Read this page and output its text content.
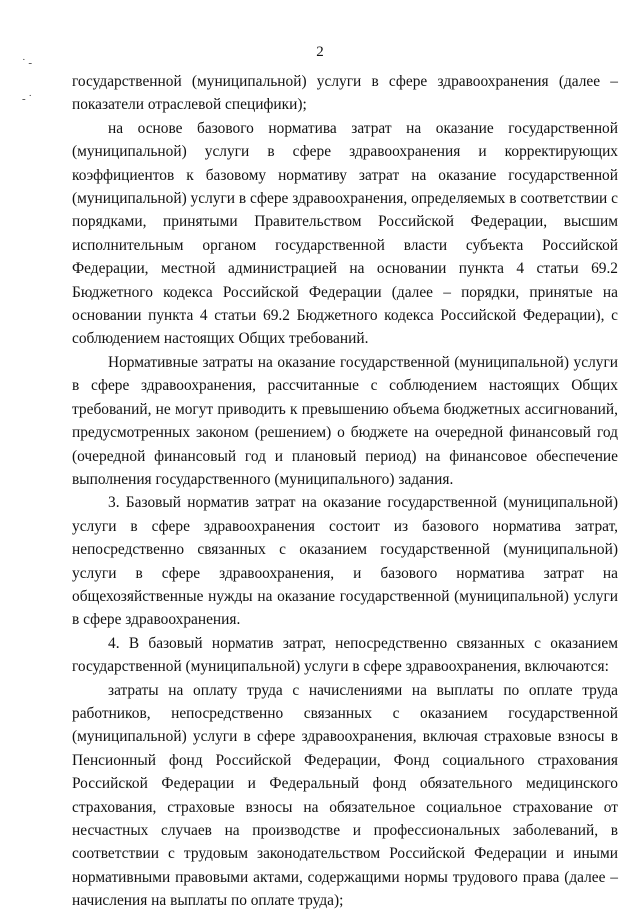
2
˙ -
- ˙

государственной (муниципальной) услуги в сфере здравоохранения (далее – показатели отраслевой специфики);

на основе базового норматива затрат на оказание государственной (муниципальной) услуги в сфере здравоохранения и корректирующих коэффициентов к базовому нормативу затрат на оказание государственной (муниципальной) услуги в сфере здравоохранения, определяемых в соответствии с порядками, принятыми Правительством Российской Федерации, высшим исполнительным органом государственной власти субъекта Российской Федерации, местной администрацией на основании пункта 4 статьи 69.2 Бюджетного кодекса Российской Федерации (далее – порядки, принятые на основании пункта 4 статьи 69.2 Бюджетного кодекса Российской Федерации), с соблюдением настоящих Общих требований.

Нормативные затраты на оказание государственной (муниципальной) услуги в сфере здравоохранения, рассчитанные с соблюдением настоящих Общих требований, не могут приводить к превышению объема бюджетных ассигнований, предусмотренных законом (решением) о бюджете на очередной финансовый год (очередной финансовый год и плановый период) на финансовое обеспечение выполнения государственного (муниципального) задания.

3. Базовый норматив затрат на оказание государственной (муниципальной) услуги в сфере здравоохранения состоит из базового норматива затрат, непосредственно связанных с оказанием государственной (муниципальной) услуги в сфере здравоохранения, и базового норматива затрат на общехозяйственные нужды на оказание государственной (муниципальной) услуги в сфере здравоохранения.

4. В базовый норматив затрат, непосредственно связанных с оказанием государственной (муниципальной) услуги в сфере здравоохранения, включаются:

затраты на оплату труда с начислениями на выплаты по оплате труда работников, непосредственно связанных с оказанием государственной (муниципальной) услуги в сфере здравоохранения, включая страховые взносы в Пенсионный фонд Российской Федерации, Фонд социального страхования Российской Федерации и Федеральный фонд обязательного медицинского страхования, страховые взносы на обязательное социальное страхование от несчастных случаев на производстве и профессиональных заболеваний, в соответствии с трудовым законодательством Российской Федерации и иными нормативными правовыми актами, содержащими нормы трудового права (далее – начисления на выплаты по оплате труда);
